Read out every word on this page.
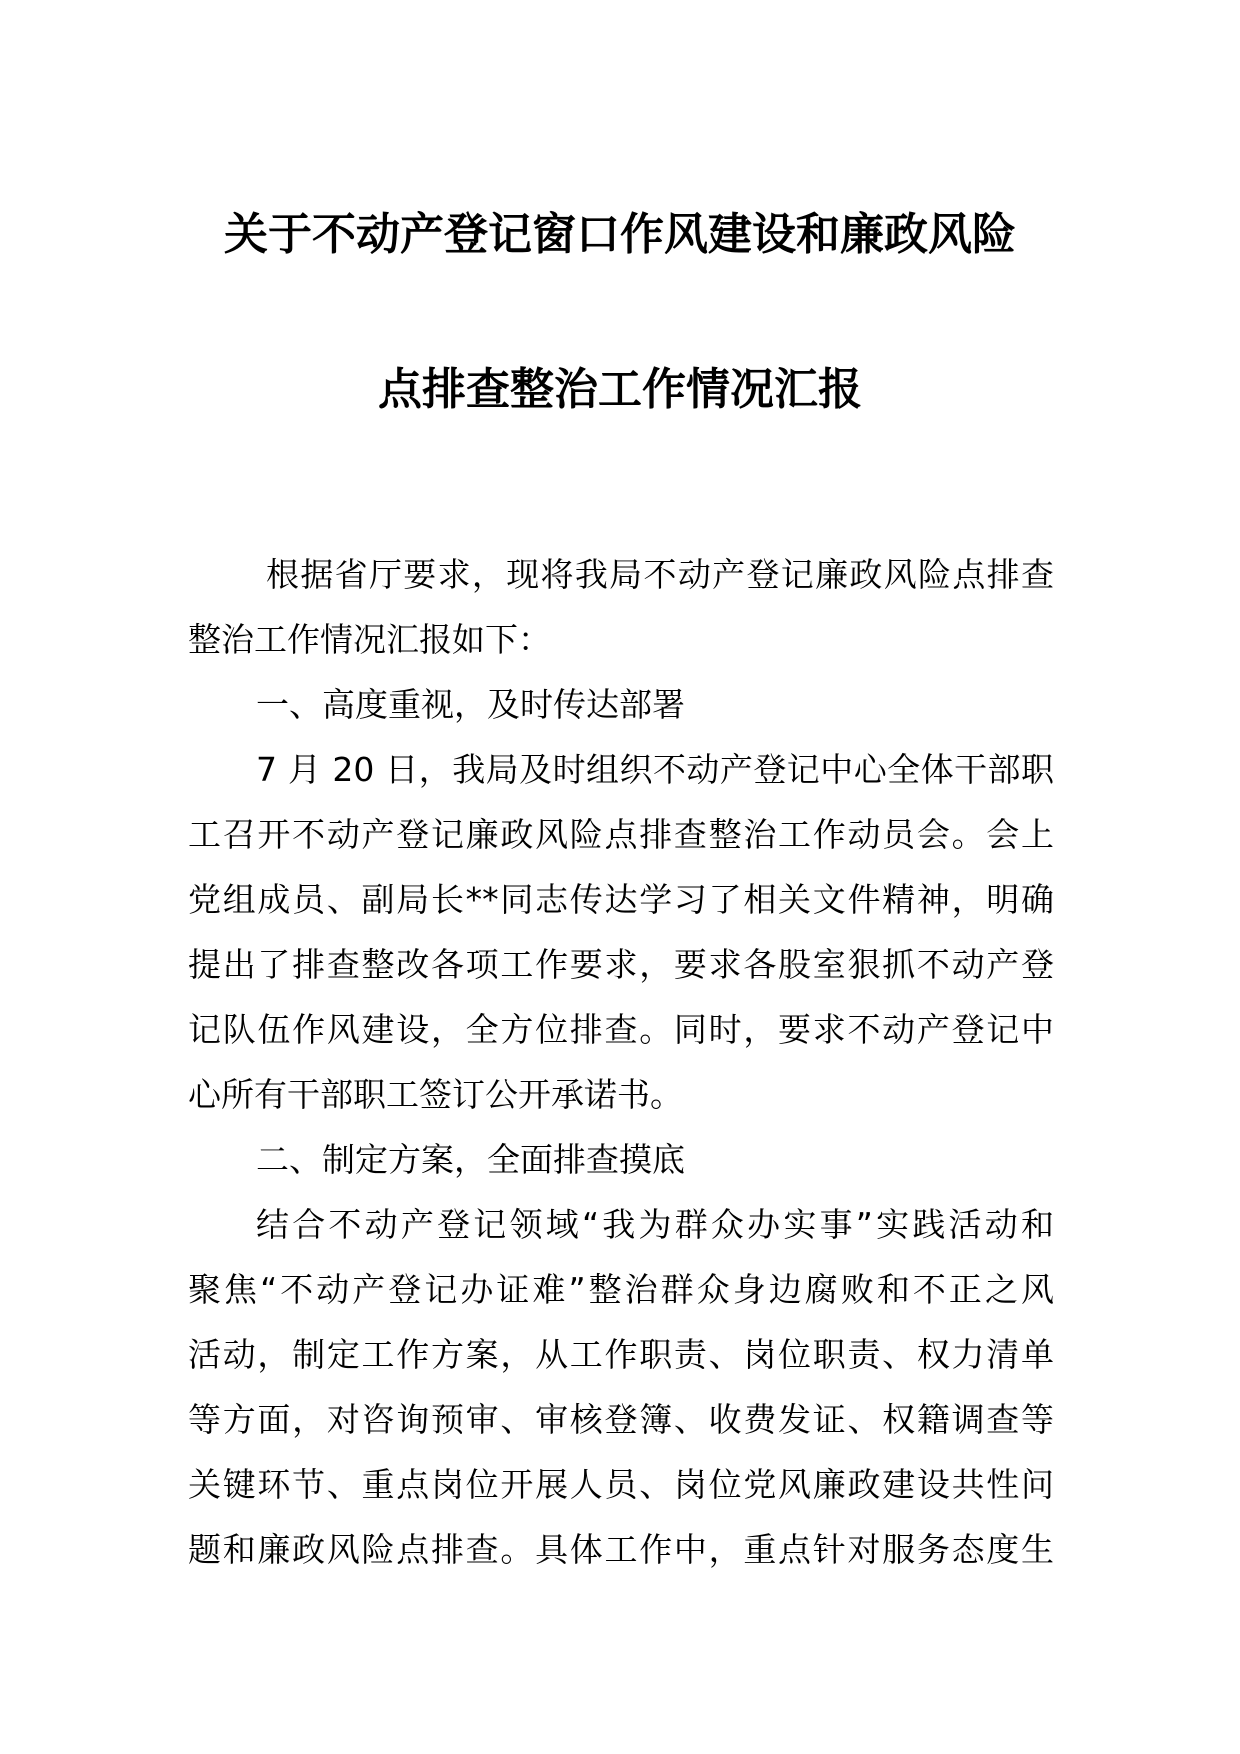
关于不动产登记窗口作风建设和廉政风险
点排查整治工作情况汇报
根据省厅要求，现将我局不动产登记廉政风险点排查
整治工作情况汇报如下：
一、高度重视，及时传达部署
7 月 20 日，我局及时组织不动产登记中心全体干部职
工召开不动产登记廉政风险点排查整治工作动员会。会上
党组成员、副局长**同志传达学习了相关文件精神，明确
提出了排查整改各项工作要求，要求各股室狠抓不动产登
记队伍作风建设，全方位排查。同时，要求不动产登记中
心所有干部职工签订公开承诺书。
二、制定方案，全面排查摸底
结合不动产登记领域“我为群众办实事”实践活动和
聚焦“不动产登记办证难”整治群众身边腐败和不正之风
活动，制定工作方案，从工作职责、岗位职责、权力清单
等方面，对咨询预审、审核登簿、收费发证、权籍调查等
关键环节、重点岗位开展人员、岗位党风廉政建设共性问
题和廉政风险点排查。具体工作中，重点针对服务态度生
